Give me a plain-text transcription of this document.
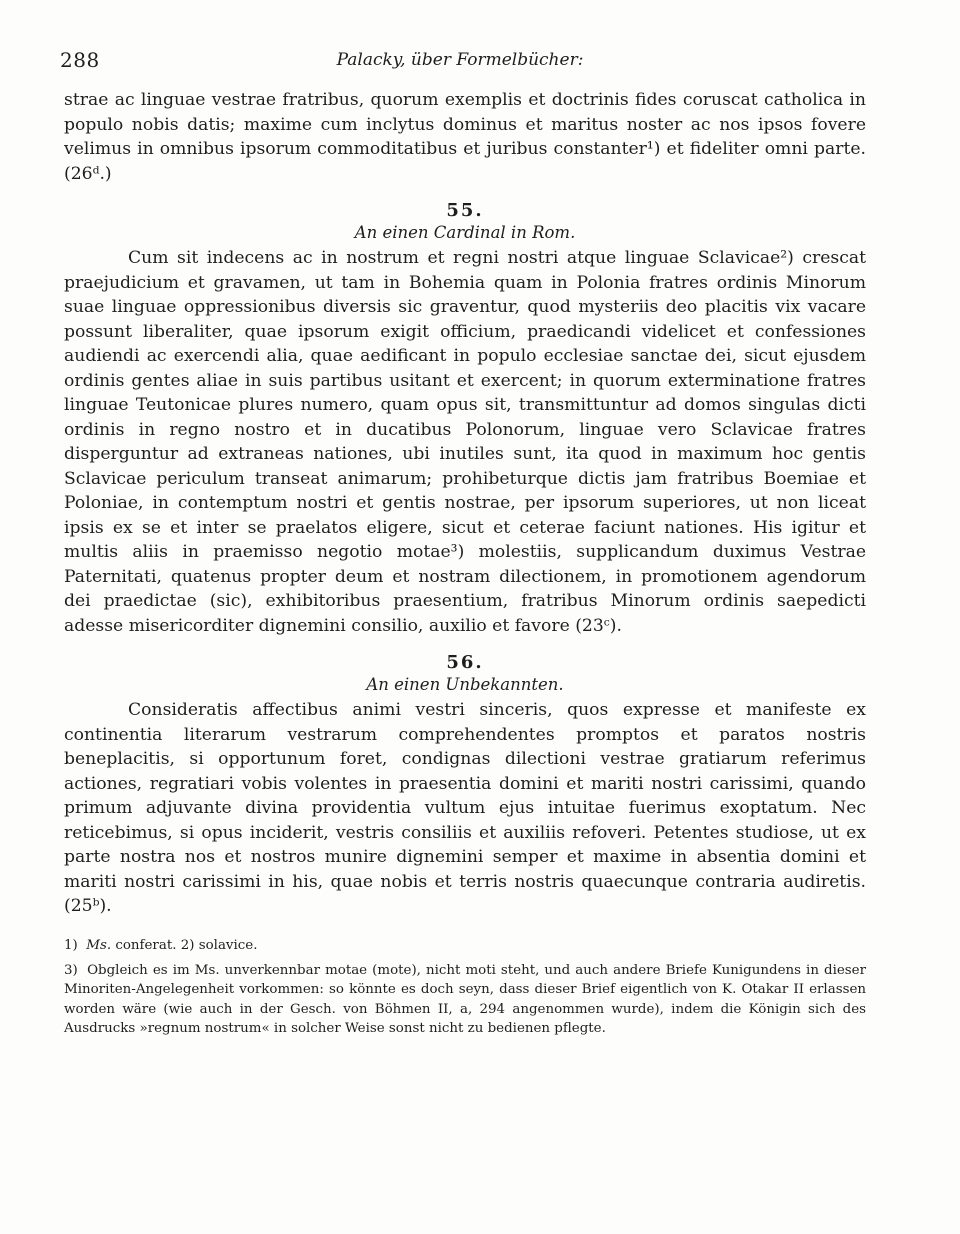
288	Palacky, über Formelbücher:

strae ac linguae vestrae fratribus, quorum exemplis et doctrinis fides coruscat catholica in populo nobis datis; maxime cum inclytus dominus et maritus noster ac nos ipsos fovere velimus in omnibus ipsorum commoditatibus et juribus constanter¹) et fideliter omni parte. (26ᵈ.)

55.
An einen Cardinal in Rom.

Cum sit indecens ac in nostrum et regni nostri atque linguae Sclavicae²) crescat praejudicium et gravamen, ut tam in Bohemia quam in Polonia fratres ordinis Minorum suae linguae oppressionibus diversis sic graventur, quod mysteriis deo placitis vix vacare possunt liberaliter, quae ipsorum exigit officium, praedicandi videlicet et confessiones audiendi ac exercendi alia, quae aedificant in populo ecclesiae sanctae dei, sicut ejusdem ordinis gentes aliae in suis partibus usitant et exercent; in quorum exterminatione fratres linguae Teutonicae plures numero, quam opus sit, transmittuntur ad domos singulas dicti ordinis in regno nostro et in ducatibus Polonorum, linguae vero Sclavicae fratres disperguntur ad extraneas nationes, ubi inutiles sunt, ita quod in maximum hoc gentis Sclavicae periculum transeat animarum; prohibeturque dictis jam fratribus Boemiae et Poloniae, in contemptum nostri et gentis nostrae, per ipsorum superiores, ut non liceat ipsis ex se et inter se praelatos eligere, sicut et ceterae faciunt nationes. His igitur et multis aliis in praemisso negotio motae³) molestiis, supplicandum duximus Vestrae Paternitati, quatenus propter deum et nostram dilectionem, in promotionem agendorum dei praedictae (sic), exhibitoribus praesentium, fratribus Minorum ordinis saepedicti adesse misericorditer dignemini consilio, auxilio et favore (23ᶜ).

56.
An einen Unbekannten.

Consideratis affectibus animi vestri sinceris, quos expresse et manifeste ex continentia literarum vestrarum comprehendentes promptos et paratos nostris beneplacitis, si opportunum foret, condignas dilectioni vestrae gratiarum referimus actiones, regratiari vobis volentes in praesentia domini et mariti nostri carissimi, quando primum adjuvante divina providentia vultum ejus intuitae fuerimus exoptatum. Nec reticebimus, si opus inciderit, vestris consiliis et auxiliis refoveri. Petentes studiose, ut ex parte nostra nos et nostros munire dignemini semper et maxime in absentia domini et mariti nostri carissimi in his, quae nobis et terris nostris quaecunque contraria audiretis. (25ᵇ).

1) Ms. conferat. 2) solavice.

3) Obgleich es im Ms. unverkennbar motae (mote), nicht moti steht, und auch andere Briefe Kunigundens in dieser Minoriten-Angelegenheit vorkommen: so könnte es doch seyn, dass dieser Brief eigentlich von K. Otakar II erlassen worden wäre (wie auch in der Gesch. von Böhmen II, a, 294 angenommen wurde), indem die Königin sich des Ausdrucks »regnum nostrum« in solcher Weise sonst nicht zu bedienen pflegte.
